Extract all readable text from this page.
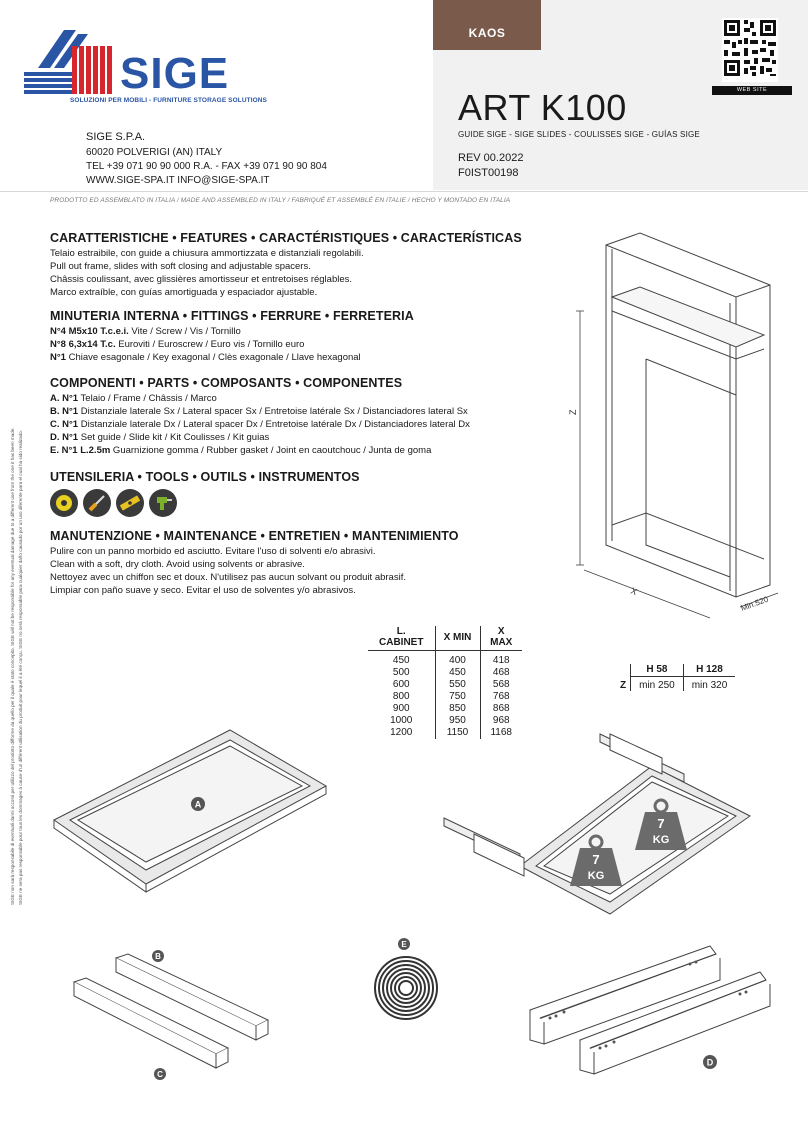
SIGE
SOLUZIONI PER MOBILI - FURNITURE STORAGE SOLUTIONS

SIGE S.P.A.

60020 POLVERIGI (AN) ITALY

TEL +39 071 90 90 000 R.A. - FAX +39 071 90 90 804

WWW.SIGE-SPA.IT INFO@SIGE-SPA.IT

KAOS
WEB SITE
ART K100
GUIDE SIGE - SIGE SLIDES - COULISSES SIGE - GUÍAS SIGE

REV 00.2022

F0IST00198

PRODOTTO ED ASSEMBLATO IN ITALIA / MADE AND ASSEMBLED IN ITALY / FABRIQUÉ ET ASSEMBLÉ EN ITALIE / HECHO Y MONTADO EN ITALIA
SIGE non sarà responsabile di eventuali danni occorsi per utilizzo del prodotto difforme da quello per il quale è stato concepito. SIGE will not be responsible for any eventual damage due to a different use from the one it has been made. SIGE ne sera pas responsable pour tous les dommages à cause d'un différent utilisation du produit pour lequel il a été conçu. SIGE no será responsable para cualquier daño causado por un uso diferente para el cual ha sido realizado.
CARATTERISTICHE • FEATURES • CARACTÉRISTIQUES • CARACTERÍSTICAS

Telaio estraibile, con guide a chiusura ammortizzata e distanziali regolabili.

Pull out frame, slides with soft closing and adjustable spacers.

Châssis coulissant, avec glissières amortisseur et entretoises réglables.

Marco extraíble, con guías amortiguada y espaciador ajustable.

MINUTERIA INTERNA • FITTINGS • FERRURE • FERRETERIA

N°4 M5x10 T.c.e.i. Vite / Screw / Vis / Tornillo

N°8 6,3x14 T.c. Euroviti / Euroscrew / Euro vis / Tornillo euro

N°1 Chiave esagonale / Key exagonal / Clès exagonale / Llave hexagonal

COMPONENTI • PARTS • COMPOSANTS • COMPONENTES

A. N°1 Telaio / Frame / Châssis / Marco

B. N°1 Distanziale laterale Sx / Lateral spacer Sx / Entretoise latérale Sx / Distanciadores lateral Sx

C. N°1 Distanziale laterale Dx / Lateral spacer Dx / Entretoise latérale Dx / Distanciadores lateral Dx

D. N°1 Set guide / Slide kit / Kit Coulisses / Kit guias

E. N°1 L.2.5m Guarnizione gomma / Rubber gasket / Joint en caoutchouc / Junta de goma

UTENSILERIA • TOOLS • OUTILS • INSTRUMENTOS
MANUTENZIONE • MAINTENANCE • ENTRETIEN • MANTENIMIENTO

Pulire con un panno morbido ed asciutto. Evitare l'uso di solventi e/o abrasivi.

Clean with a soft, dry cloth. Avoid using solvents or abrasive.

Nettoyez avec un chiffon sec et doux. N'utilisez pas aucun solvant ou produit abrasif.

Limpiar con paño suave y seco. Evitar el uso de solventes y/o abrasivos.

L. CABINET	X MIN	X MAX
450	400	418
500	450	468
600	550	568
800	750	768
900	850	868
1000	950	968
1200	1150	1168
	H 58	H 128
Z	min 250	min 320
Z
X
Min.520
A
7
KG
7
KG
B
C
E
D
